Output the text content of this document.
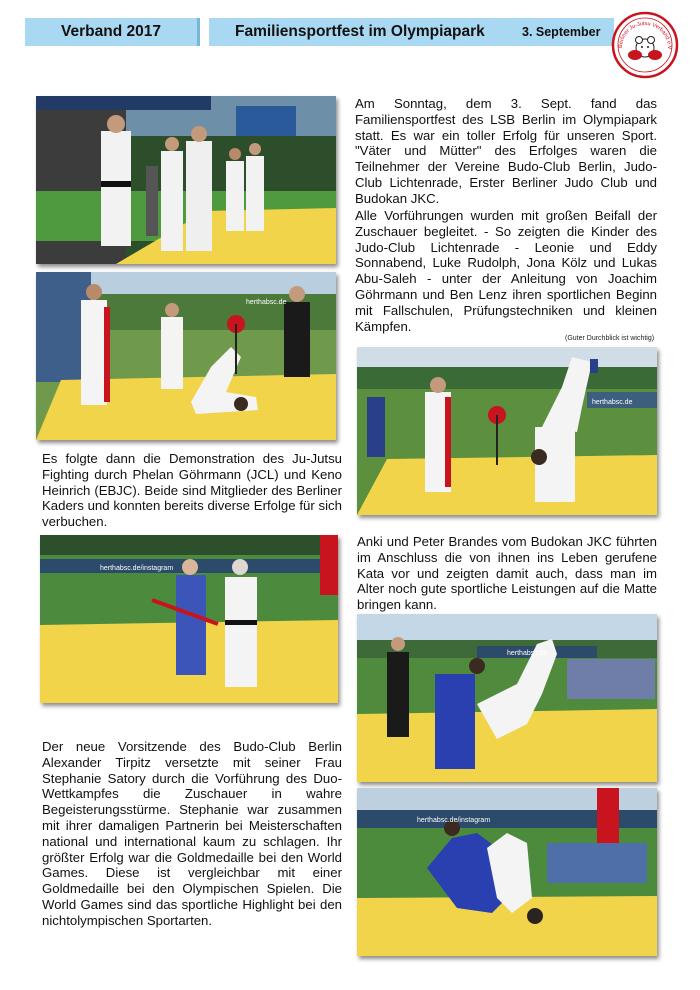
Verband 2017	Familiensportfest im Olympiapark	3. September
Berliner Ju-Jutsu Verband e.V
herthabsc.de
herthabsc.de
herthabsc.de/instagram
herthabsc.de
herthabsc.de/instagram

Am Sonntag, dem 3. Sept. fand das Familiensportfest des LSB Berlin im Olympiapark statt. Es war ein toller Erfolg für unseren Sport. "Väter und Mütter" des Erfolges waren die Teilnehmer der Vereine Budo-Club Berlin, Judo-Club Lichtenrade, Erster Berliner Judo Club und Budokan JKC.

Alle Vorführungen wurden mit großen Beifall der Zuschauer begleitet. - So zeigten die Kinder des Judo-Club Lichtenrade - Leonie und Eddy Sonnabend, Luke Rudolph, Jona Kölz und Lukas Abu-Saleh - unter der Anleitung von Joachim Göhrmann und Ben Lenz ihren sportlichen Beginn mit Fallschulen, Prüfungstechniken und kleinen Kämpfen.

(Guter Durchblick ist wichtig)

Es folgte dann die Demonstration des Ju-Jutsu Fighting durch Phelan Göhrmann (JCL) und Keno Heinrich (EBJC). Beide sind Mitglieder des Berliner Kaders und konnten bereits diverse Erfolge für sich verbuchen.

Anki und Peter Brandes vom Budokan JKC führten im Anschluss die von ihnen ins Leben gerufene Kata vor und zeigten damit auch, dass man im Alter noch gute sportliche Leistungen auf die Matte bringen kann.

Der neue Vorsitzende des Budo-Club Berlin Alexander Tirpitz versetzte mit seiner Frau Stephanie Satory durch die Vorführung des Duo-Wettkampfes die Zuschauer in wahre Begeisterungsstürme. Stephanie war zusammen mit ihrer damaligen Partnerin bei Meisterschaften national und international kaum zu schlagen. Ihr größter Erfolg war die Goldmedaille bei den World Games. Diese ist vergleichbar mit einer Goldmedaille bei den Olympischen Spielen. Die World Games sind das sportliche Highlight bei den nichtolympischen Sportarten.
